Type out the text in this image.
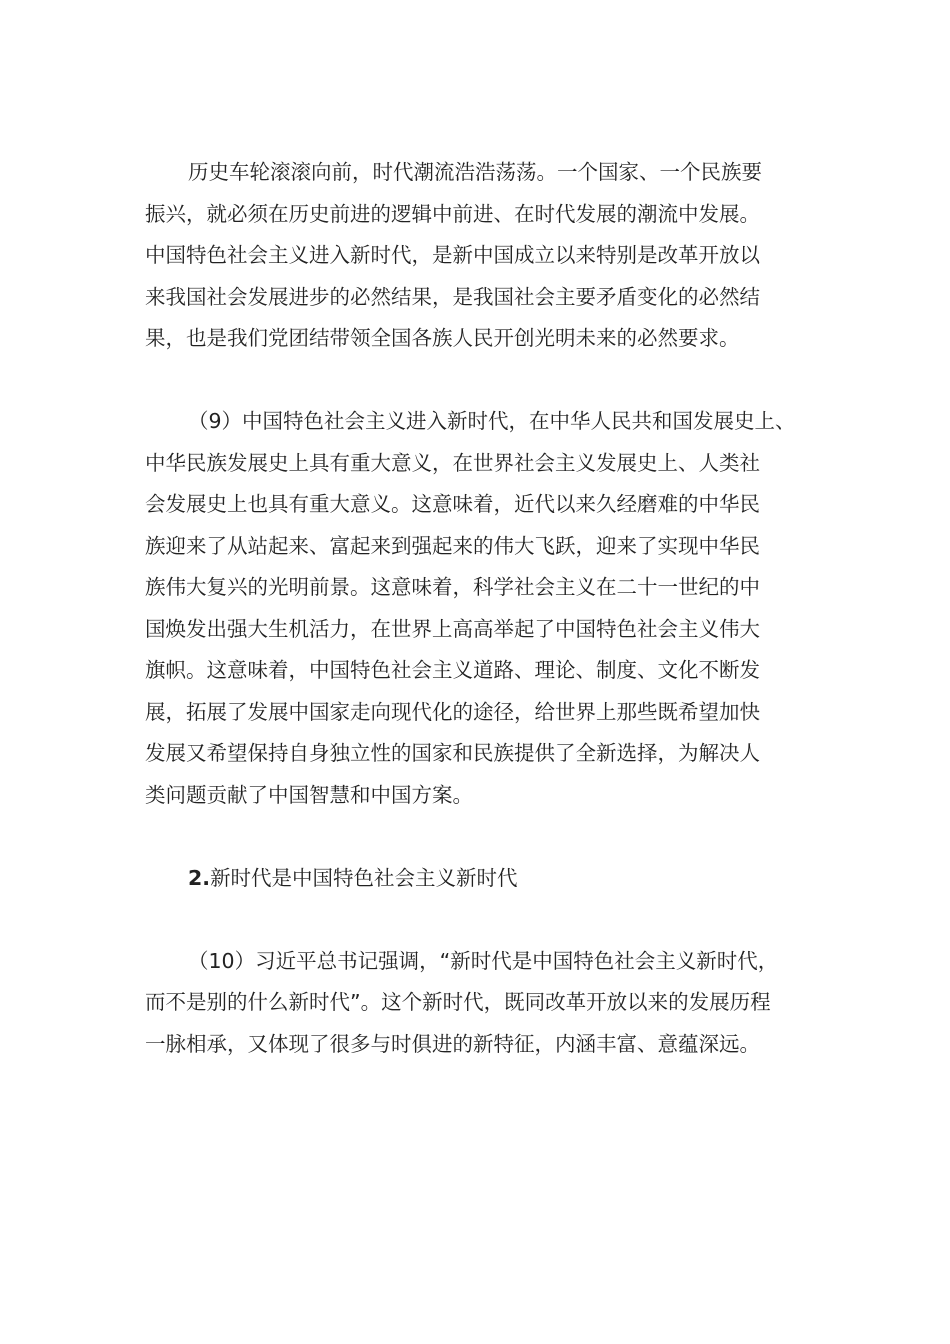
历史车轮滚滚向前，时代潮流浩浩荡荡。一个国家、一个民族要
振兴，就必须在历史前进的逻辑中前进、在时代发展的潮流中发展。
中国特色社会主义进入新时代，是新中国成立以来特别是改革开放以
来我国社会发展进步的必然结果，是我国社会主要矛盾变化的必然结
果，也是我们党团结带领全国各族人民开创光明未来的必然要求。

（9）中国特色社会主义进入新时代，在中华人民共和国发展史上、
中华民族发展史上具有重大意义，在世界社会主义发展史上、人类社
会发展史上也具有重大意义。这意味着，近代以来久经磨难的中华民
族迎来了从站起来、富起来到强起来的伟大飞跃，迎来了实现中华民
族伟大复兴的光明前景。这意味着，科学社会主义在二十一世纪的中
国焕发出强大生机活力，在世界上高高举起了中国特色社会主义伟大
旗帜。这意味着，中国特色社会主义道路、理论、制度、文化不断发
展，拓展了发展中国家走向现代化的途径，给世界上那些既希望加快
发展又希望保持自身独立性的国家和民族提供了全新选择，为解决人
类问题贡献了中国智慧和中国方案。

2.新时代是中国特色社会主义新时代

（10）习近平总书记强调，“新时代是中国特色社会主义新时代，
而不是别的什么新时代”。这个新时代，既同改革开放以来的发展历程
一脉相承，又体现了很多与时俱进的新特征，内涵丰富、意蕴深远。
